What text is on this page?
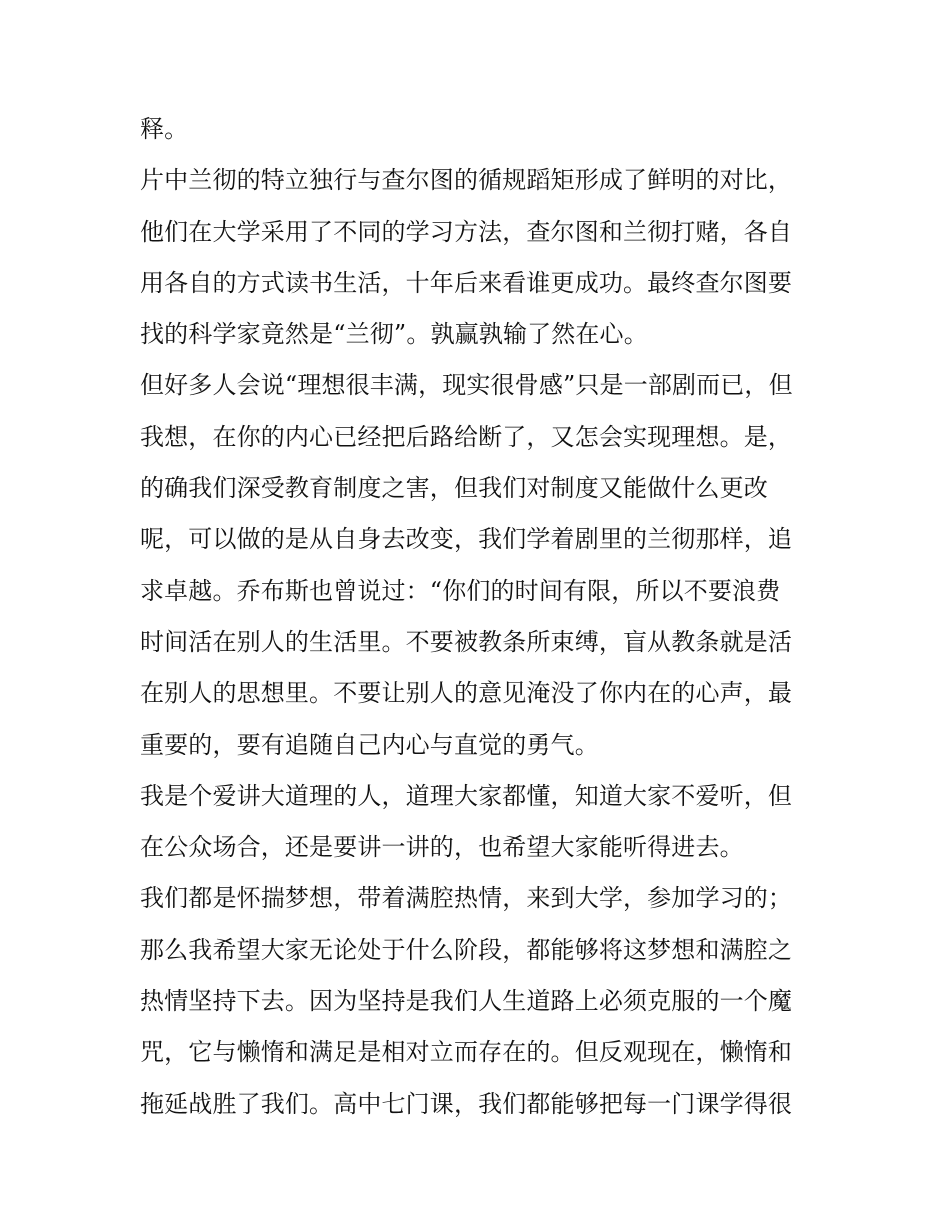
释。
片中兰彻的特立独行与查尔图的循规蹈矩形成了鲜明的对比，
他们在大学采用了不同的学习方法，查尔图和兰彻打赌，各自
用各自的方式读书生活，十年后来看谁更成功。最终查尔图要
找的科学家竟然是“兰彻”。孰赢孰输了然在心。
但好多人会说“理想很丰满，现实很骨感”只是一部剧而已，但
我想，在你的内心已经把后路给断了，又怎会实现理想。是，
的确我们深受教育制度之害，但我们对制度又能做什么更改
呢，可以做的是从自身去改变，我们学着剧里的兰彻那样，追
求卓越。乔布斯也曾说过：“你们的时间有限，所以不要浪费
时间活在别人的生活里。不要被教条所束缚，盲从教条就是活
在别人的思想里。不要让别人的意见淹没了你内在的心声，最
重要的，要有追随自己内心与直觉的勇气。
我是个爱讲大道理的人，道理大家都懂，知道大家不爱听，但
在公众场合，还是要讲一讲的，也希望大家能听得进去。
我们都是怀揣梦想，带着满腔热情，来到大学，参加学习的；
那么我希望大家无论处于什么阶段，都能够将这梦想和满腔之
热情坚持下去。因为坚持是我们人生道路上必须克服的一个魔
咒，它与懒惰和满足是相对立而存在的。但反观现在，懒惰和
拖延战胜了我们。高中七门课，我们都能够把每一门课学得很
